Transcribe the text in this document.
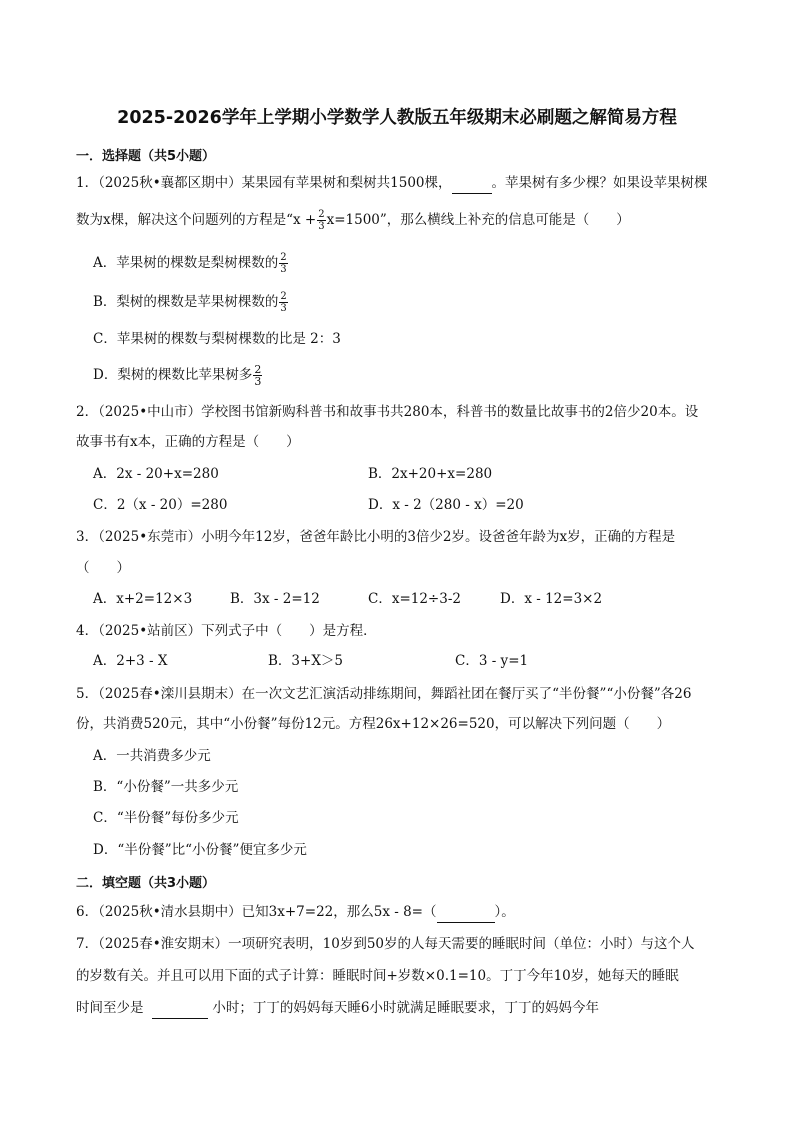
2025-2026学年上学期小学数学人教版五年级期末必刷题之解简易方程
一．选择题（共5小题）
1．（2025秋•襄都区期中）某果园有苹果树和梨树共1500棵，	。苹果树有多少棵？如果设苹果树棵
数为x棵，解决这个问题列的方程是“$x + \frac{2}{3} x=1500$”，那么横线上补充的信息可能是（　　）
A．苹果树的棵数是梨树棵数的 $\frac{2}{3}$
B．梨树的棵数是苹果树棵数的 $\frac{2}{3}$
C．苹果树的棵数与梨树棵数的比是 2：3
D．梨树的棵数比苹果树多 $\frac{2}{3}$
2．（2025•中山市）学校图书馆新购科普书和故事书共280本，科普书的数量比故事书的2倍少20本。设
故事书有x本，正确的方程是（　　）
A．2x - 20+x=280	B．2x+20+x=280
C．2（x - 20）=280	D．x - 2（280 - x）=20
3．（2025•东莞市）小明今年12岁，爸爸年龄比小明的3倍少2岁。设爸爸年龄为x岁，正确的方程是
（　　）
A．x+2=12×3	B．3x - 2=12	C．x=12÷3-2	D．x - 12=3×2
4．（2025•站前区）下列式子中（　　）是方程．
A．2+3 - X	B．3+X＞5	C．3 - y=1
5．（2025春•滦川县期末）在一次文艺汇演活动排练期间，舞蹈社团在餐厅买了“半份餐”“小份餐”各26
份，共消费520元，其中“小份餐”每份12元。方程26x+12×26=520，可以解决下列问题（　　）
A．一共消费多少元
B．“小份餐”一共多少元
C．“半份餐”每份多少元
D．“半份餐”比“小份餐”便宜多少元
二．填空题（共3小题）
6．（2025秋•清水县期中）已知3x+7=22，那么5x - 8=（	）。
7．（2025春•淮安期末）一项研究表明，10岁到50岁的人每天需要的睡眠时间（单位：小时）与这个人
的岁数有关。并且可以用下面的式子计算：睡眠时间+岁数×0.1=10。丁丁今年10岁，她每天的睡眠
时间至少是	小时；丁丁的妈妈每天睡6小时就满足睡眠要求，丁丁的妈妈今年
